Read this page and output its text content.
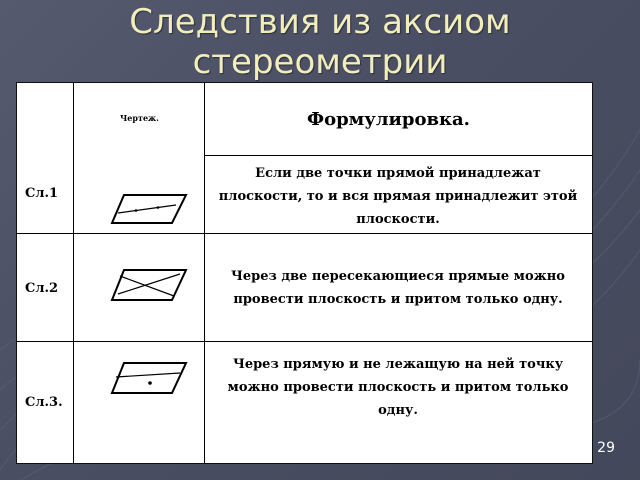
Следствия из аксиом
стереометрии
Чертеж.	Формулировка.
Сл.1
Сл.2
Сл.3.
Если две точки прямой принадлежат
плоскости, то и вся прямая принадлежит этой
плоскости.
Через две пересекающиеся прямые можно
провести плоскость и притом только одну.
Через прямую и не лежащую на ней точку
можно провести плоскость и притом только
одну.
29
